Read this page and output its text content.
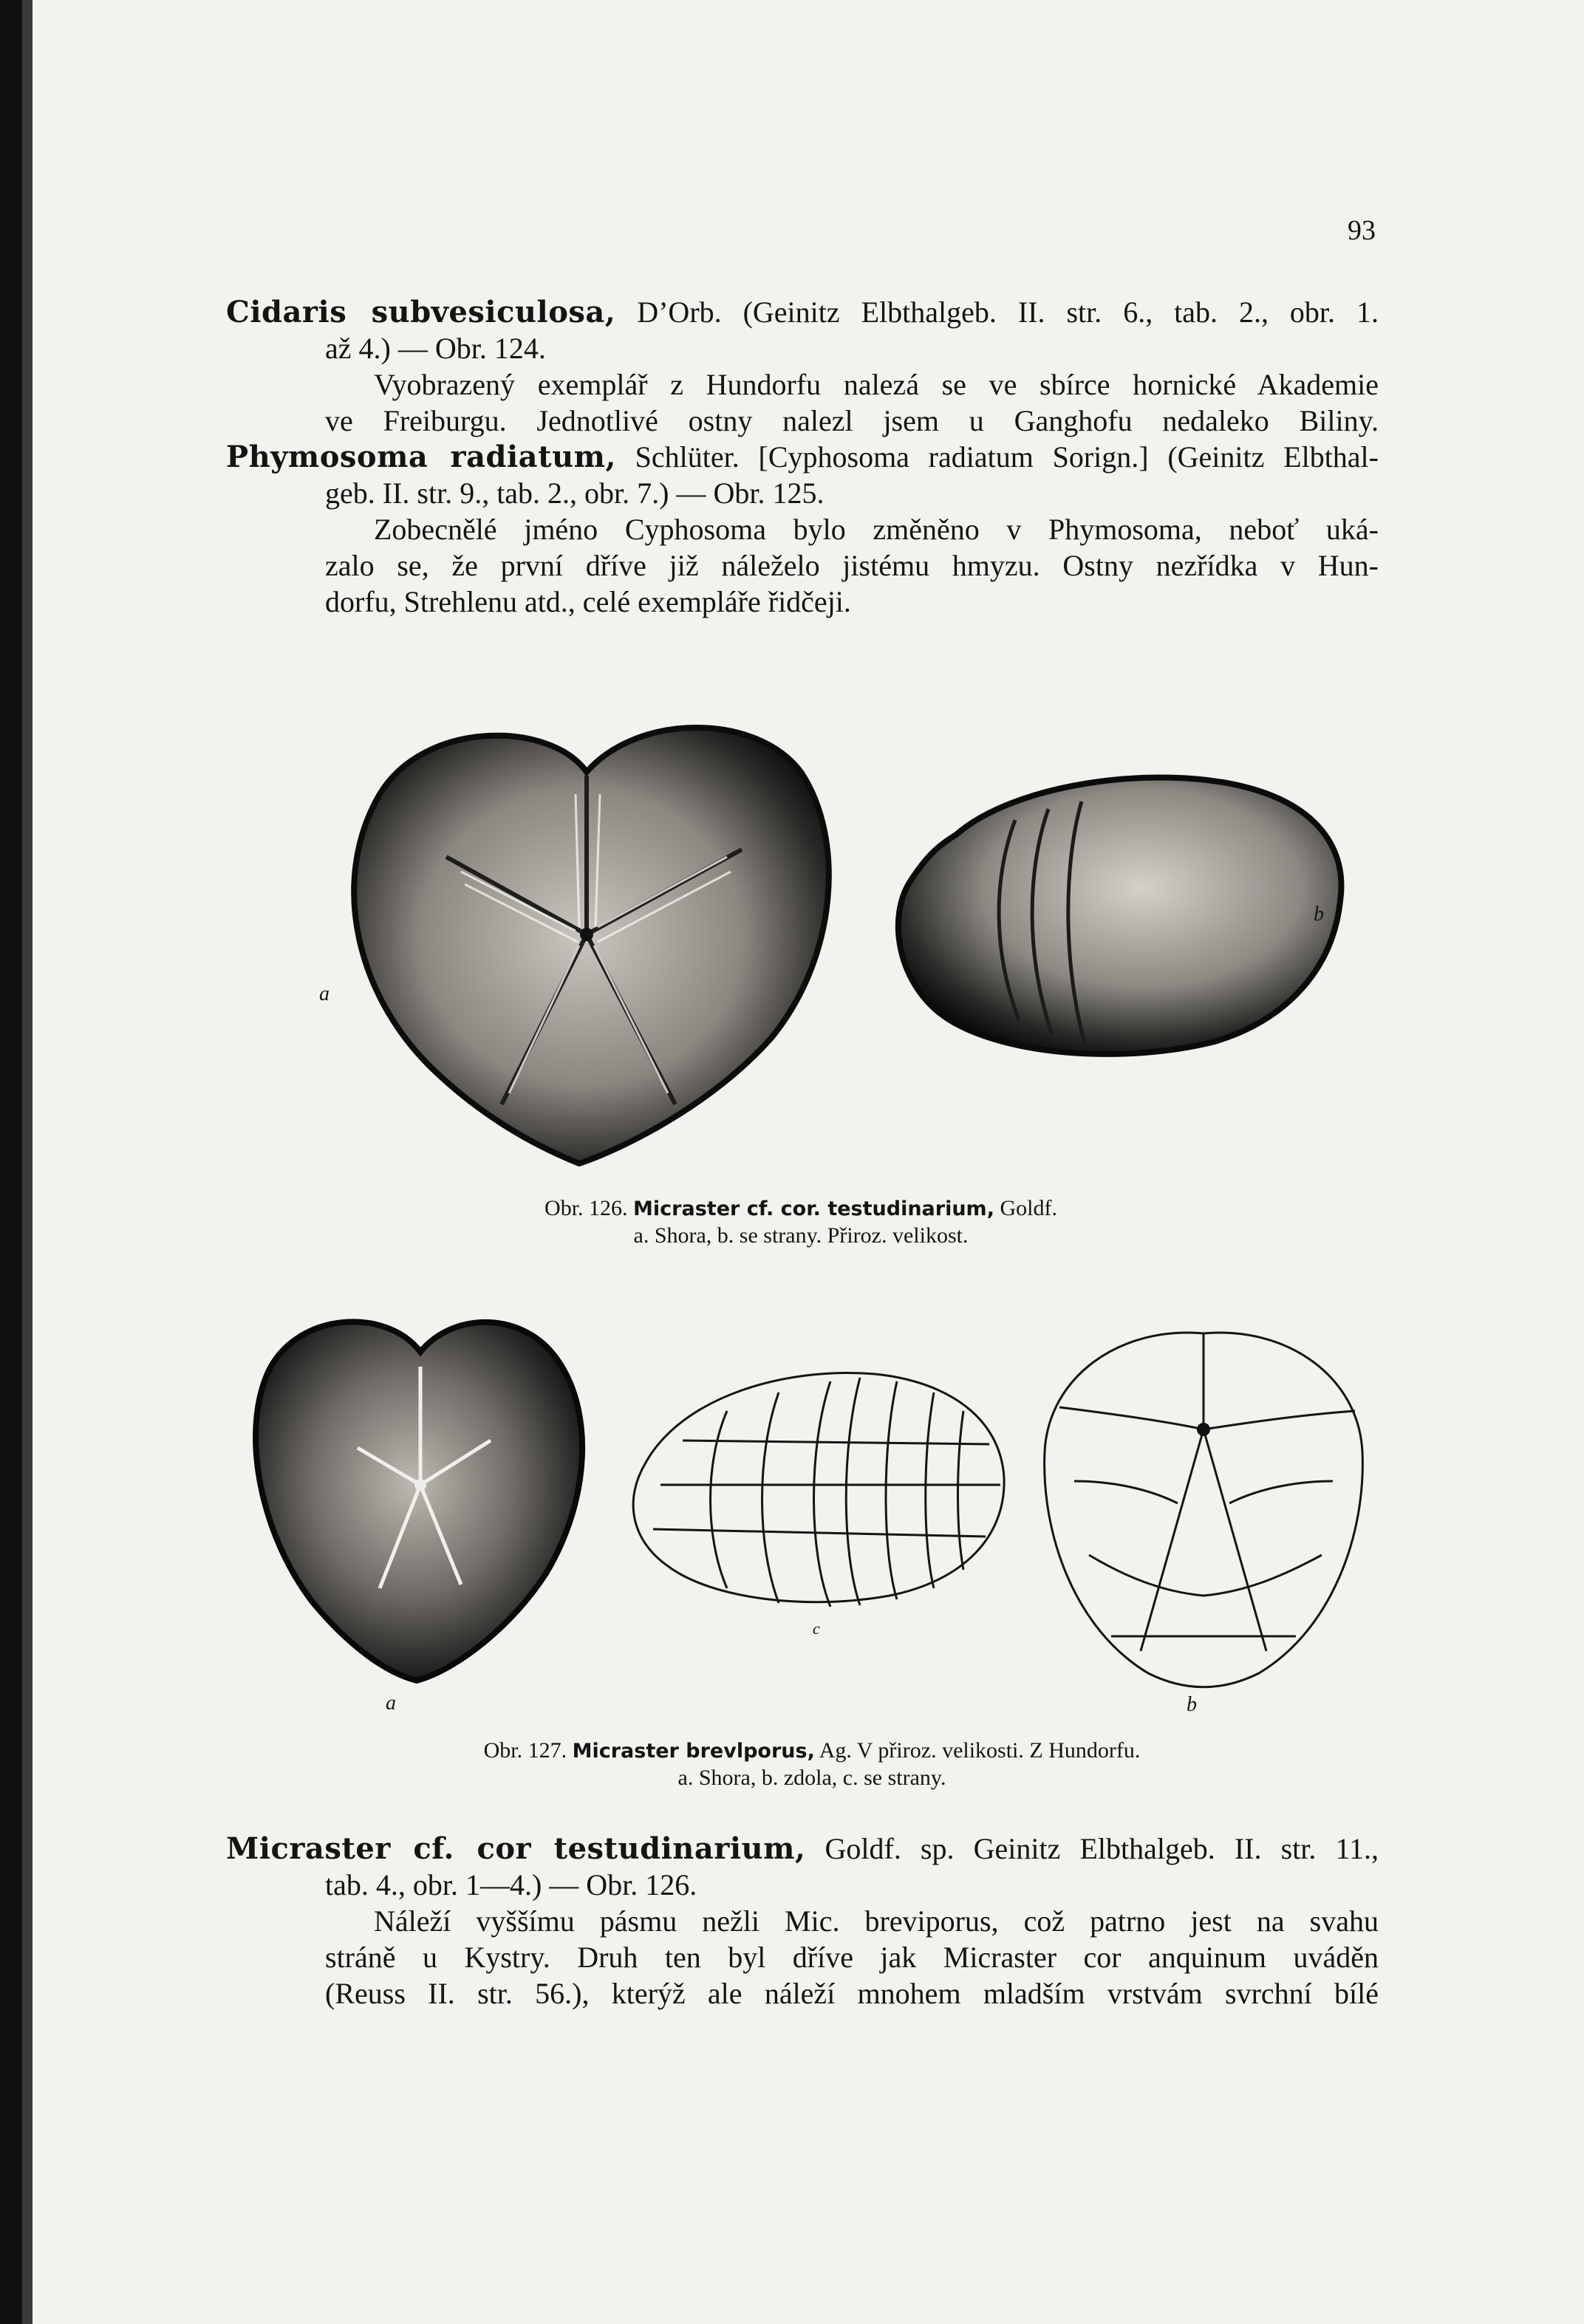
93
Cidaris subvesiculosa, D’Orb. (Geinitz Elbthalgeb. II. str. 6., tab. 2., obr. 1.
až 4.) — Obr. 124.
Vyobrazený exemplář z Hundorfu nalezá se ve sbírce hornické Akademie
ve Freiburgu. Jednotlivé ostny nalezl jsem u Ganghofu nedaleko Biliny.
Phymosoma radiatum, Schlüter. [Cyphosoma radiatum Sorign.] (Geinitz Elbthal-
geb. II. str. 9., tab. 2., obr. 7.) — Obr. 125.
Zobecnělé jméno Cyphosoma bylo změněno v Phymosoma, neboť uká-
zalo se, že první dříve již náleželo jistému hmyzu. Ostny nezřídka v Hun-
dorfu, Strehlenu atd., celé exempláře řidčeji.
a
b
Obr. 126. Micraster cf. cor. testudinarium, Goldf.
a. Shora, b. se strany. Přiroz. velikost.
a
c
b
Obr. 127. Micraster brevlporus, Ag. V přiroz. velikosti. Z Hundorfu.
a. Shora, b. zdola, c. se strany.
Micraster cf. cor testudinarium, Goldf. sp. Geinitz Elbthalgeb. II. str. 11.,
tab. 4., obr. 1—4.) — Obr. 126.
Náleží vyššímu pásmu nežli Mic. breviporus, což patrno jest na svahu
stráně u Kystry. Druh ten byl dříve jak Micraster cor anquinum uváděn
(Reuss II. str. 56.), kterýž ale náleží mnohem mladším vrstvám svrchní bílé
